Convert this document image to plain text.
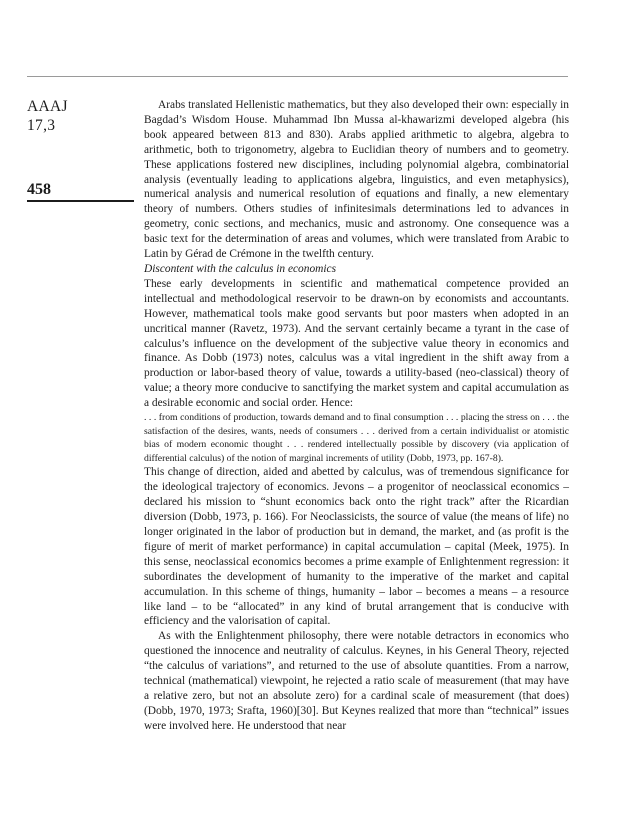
AAAJ
17,3
458

Arabs translated Hellenistic mathematics, but they also developed their own: especially in Bagdad’s Wisdom House. Muhammad Ibn Mussa al-khawarizmi developed algebra (his book appeared between 813 and 830). Arabs applied arithmetic to algebra, algebra to arithmetic, both to trigonometry, algebra to Euclidian theory of numbers and to geometry. These applications fostered new disciplines, including polynomial algebra, combinatorial analysis (eventually leading to applications algebra, linguistics, and even metaphysics), numerical analysis and numerical resolution of equations and finally, a new elementary theory of numbers. Others studies of infinitesimals determinations led to advances in geometry, conic sections, and mechanics, music and astronomy. One consequence was a basic text for the determination of areas and volumes, which were translated from Arabic to Latin by Gérad de Crémone in the twelfth century.

Discontent with the calculus in economics

These early developments in scientific and mathematical competence provided an intellectual and methodological reservoir to be drawn-on by economists and accountants. However, mathematical tools make good servants but poor masters when adopted in an uncritical manner (Ravetz, 1973). And the servant certainly became a tyrant in the case of calculus’s influence on the development of the subjective value theory in economics and finance. As Dobb (1973) notes, calculus was a vital ingredient in the shift away from a production or labor-based theory of value, towards a utility-based (neo-classical) theory of value; a theory more conducive to sanctifying the market system and capital accumulation as a desirable economic and social order. Hence:

. . . from conditions of production, towards demand and to final consumption . . . placing the stress on . . . the satisfaction of the desires, wants, needs of consumers . . . derived from a certain individualist or atomistic bias of modern economic thought . . . rendered intellectually possible by discovery (via application of differential calculus) of the notion of marginal increments of utility (Dobb, 1973, pp. 167-8).

This change of direction, aided and abetted by calculus, was of tremendous significance for the ideological trajectory of economics. Jevons – a progenitor of neoclassical economics – declared his mission to “shunt economics back onto the right track” after the Ricardian diversion (Dobb, 1973, p. 166). For Neoclassicists, the source of value (the means of life) no longer originated in the labor of production but in demand, the market, and (as profit is the figure of merit of market performance) in capital accumulation – capital (Meek, 1975). In this sense, neoclassical economics becomes a prime example of Enlightenment regression: it subordinates the development of humanity to the imperative of the market and capital accumulation. In this scheme of things, humanity – labor – becomes a means – a resource like land – to be “allocated” in any kind of brutal arrangement that is conducive with efficiency and the valorisation of capital.

As with the Enlightenment philosophy, there were notable detractors in economics who questioned the innocence and neutrality of calculus. Keynes, in his General Theory, rejected “the calculus of variations”, and returned to the use of absolute quantities. From a narrow, technical (mathematical) viewpoint, he rejected a ratio scale of measurement (that may have a relative zero, but not an absolute zero) for a cardinal scale of measurement (that does) (Dobb, 1970, 1973; Srafta, 1960)[30]. But Keynes realized that more than “technical” issues were involved here. He understood that near
